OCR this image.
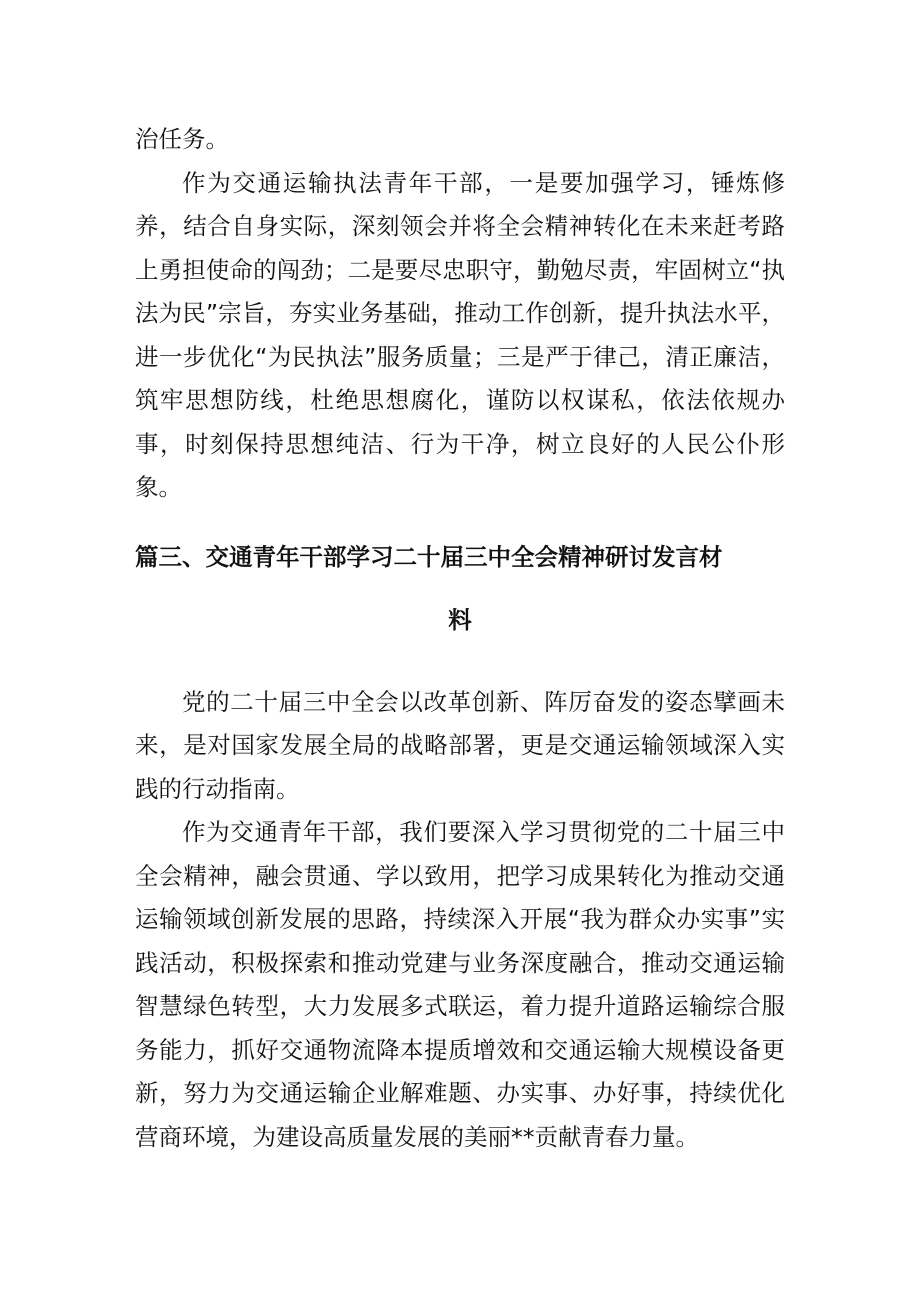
治任务。

作为交通运输执法青年干部，一是要加强学习，锤炼修养，结合自身实际，深刻领会并将全会精神转化在未来赶考路上勇担使命的闯劲；二是要尽忠职守，勤勉尽责，牢固树立“执法为民”宗旨，夯实业务基础，推动工作创新，提升执法水平，进一步优化“为民执法”服务质量；三是严于律己，清正廉洁，筑牢思想防线，杜绝思想腐化，谨防以权谋私，依法依规办事，时刻保持思想纯洁、行为干净，树立良好的人民公仆形象。

篇三、交通青年干部学习二十届三中全会精神研讨发言材
料

党的二十届三中全会以改革创新、阵厉奋发的姿态擘画未来，是对国家发展全局的战略部署，更是交通运输领域深入实践的行动指南。

作为交通青年干部，我们要深入学习贯彻党的二十届三中全会精神，融会贯通、学以致用，把学习成果转化为推动交通运输领域创新发展的思路，持续深入开展“我为群众办实事”实践活动，积极探索和推动党建与业务深度融合，推动交通运输智慧绿色转型，大力发展多式联运，着力提升道路运输综合服务能力，抓好交通物流降本提质增效和交通运输大规模设备更新，努力为交通运输企业解难题、办实事、办好事，持续优化营商环境，为建设高质量发展的美丽**贡献青春力量。
